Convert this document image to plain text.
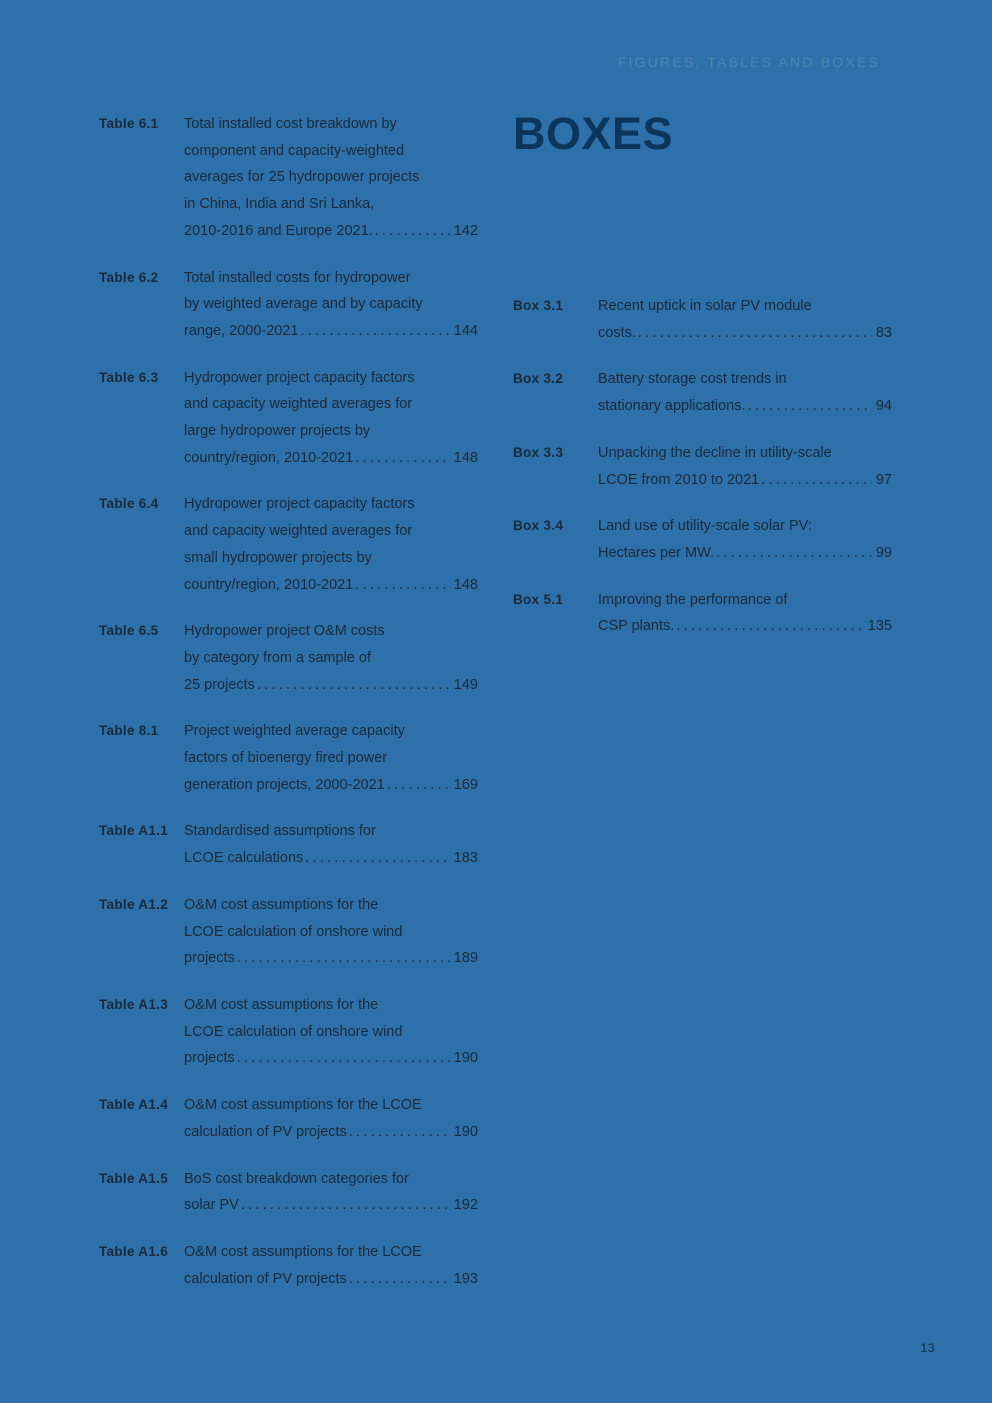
FIGURES, TABLES AND BOXES
BOXES
Table 6.1	Total installed cost breakdown by
component and capacity-weighted
averages for 25 hydropower projects
in China, India and Sri Lanka,
2010-2016 and Europe 2021. . . .	142
Table 6.2	Total installed costs for hydropower
by weighted average and by capacity
range, 2000-2021 . . .	144
Table 6.3	Hydropower project capacity factors
and capacity weighted averages for
large hydropower projects by
country/region, 2010-2021 . . .	148
Table 6.4	Hydropower project capacity factors
and capacity weighted averages for
small hydropower projects by
country/region, 2010-2021 . . .	148
Table 6.5	Hydropower project O&M costs
by category from a sample of
25 projects . . .	149
Table 8.1	Project weighted average capacity
factors of bioenergy fired power
generation projects, 2000-2021 . . .	169
Table A1.1	Standardised assumptions for
LCOE calculations . . .	183
Table A1.2	O&M cost assumptions for the
LCOE calculation of onshore wind
projects . . .	189
Table A1.3	O&M cost assumptions for the
LCOE calculation of onshore wind
projects . . .	190
Table A1.4	O&M cost assumptions for the LCOE
calculation of PV projects . . .	190
Table A1.5	BoS cost breakdown categories for
solar PV . . .	192
Table A1.6	O&M cost assumptions for the LCOE
calculation of PV projects . . .	193
Box 3.1	Recent uptick in solar PV module
costs. . . .	83
Box 3.2	Battery storage cost trends in
stationary applications. . . .	94
Box 3.3	Unpacking the decline in utility-scale
LCOE from 2010 to 2021 . . .	97
Box 3.4	Land use of utility-scale solar PV:
Hectares per MW. . . .	99
Box 5.1	Improving the performance of
CSP plants. . . .	135
13
